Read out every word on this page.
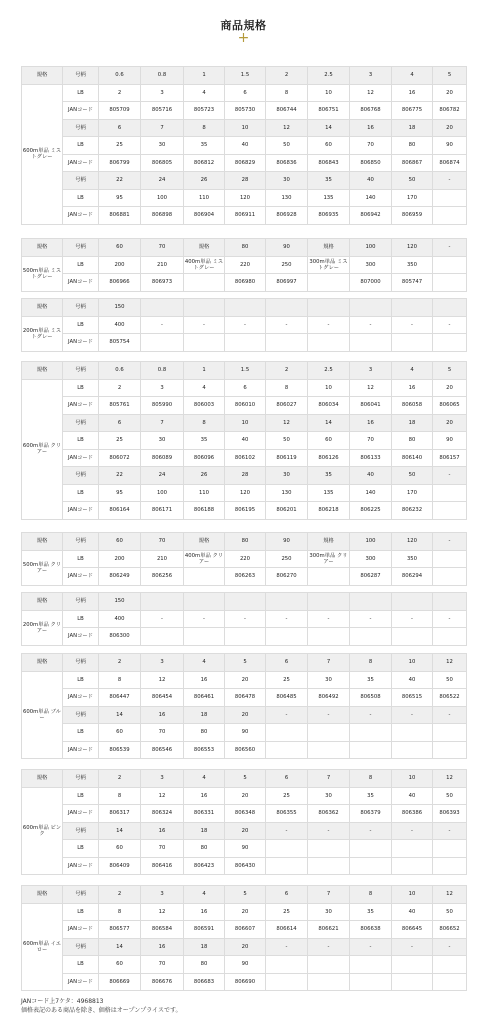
商品規格
+
規格	号柄	0.6	0.8	1	1.5	2	2.5	3	4	5
600m単品 ミストグレー	LB	2	3	4	6	8	10	12	16	20
	JANコード	805709	805716	805723	805730	806744	806751	806768	806775	806782
	号柄	6	7	8	10	12	14	16	18	20
	LB	25	30	35	40	50	60	70	80	90
	JANコード	806799	806805	806812	806829	806836	806843	806850	806867	806874
	号柄	22	24	26	28	30	35	40	50	-
	LB	95	100	110	120	130	135	140	170	
	JANコード	806881	806898	806904	806911	806928	806935	806942	806959	
規格	号柄	60	70	規格	80	90	規格	100	120	-
500m単品 ミストグレー	LB	200	210	400m単品 ミストグレー	220	250	300m単品 ミストグレー	300	350	
	JANコード	806966	806973		806980	806997		807000	805747	
規格	号柄	150								
200m単品 ミストグレー	LB	400	-	-	-	-	-	-	-	-
	JANコード	805754								
規格	号柄	0.6	0.8	1	1.5	2	2.5	3	4	5
600m単品 クリアー	LB	2	3	4	6	8	10	12	16	20
	JANコード	805761	805990	806003	806010	806027	806034	806041	806058	806065
	号柄	6	7	8	10	12	14	16	18	20
	LB	25	30	35	40	50	60	70	80	90
	JANコード	806072	806089	806096	806102	806119	806126	806133	806140	806157
	号柄	22	24	26	28	30	35	40	50	-
	LB	95	100	110	120	130	135	140	170	
	JANコード	806164	806171	806188	806195	806201	806218	806225	806232	
規格	号柄	60	70	規格	80	90	規格	100	120	-
500m単品 クリアー	LB	200	210	400m単品 クリアー	220	250	300m単品 クリアー	300	350	
	JANコード	806249	806256		806263	806270		806287	806294	
規格	号柄	150								
200m単品 クリアー	LB	400	-	-	-	-	-	-	-	-
	JANコード	806300								
規格	号柄	2	3	4	5	6	7	8	10	12
600m単品 ブルー	LB	8	12	16	20	25	30	35	40	50
	JANコード	806447	806454	806461	806478	806485	806492	806508	806515	806522
	号柄	14	16	18	20	-	-	-	-	-
	LB	60	70	80	90					
	JANコード	806539	806546	806553	806560					
規格	号柄	2	3	4	5	6	7	8	10	12
600m単品 ピンク	LB	8	12	16	20	25	30	35	40	50
	JANコード	806317	806324	806331	806348	806355	806362	806379	806386	806393
	号柄	14	16	18	20	-	-	-	-	-
	LB	60	70	80	90					
	JANコード	806409	806416	806423	806430					
規格	号柄	2	3	4	5	6	7	8	10	12
600m単品 イエロー	LB	8	12	16	20	25	30	35	40	50
	JANコード	806577	806584	806591	806607	806614	806621	806638	806645	806652
	号柄	14	16	18	20	-	-	-	-	-
	LB	60	70	80	90					
	JANコード	806669	806676	806683	806690					
JANコード上7ケタ：4968813
価格表記のある商品を除き、価格はオープンプライスです。
